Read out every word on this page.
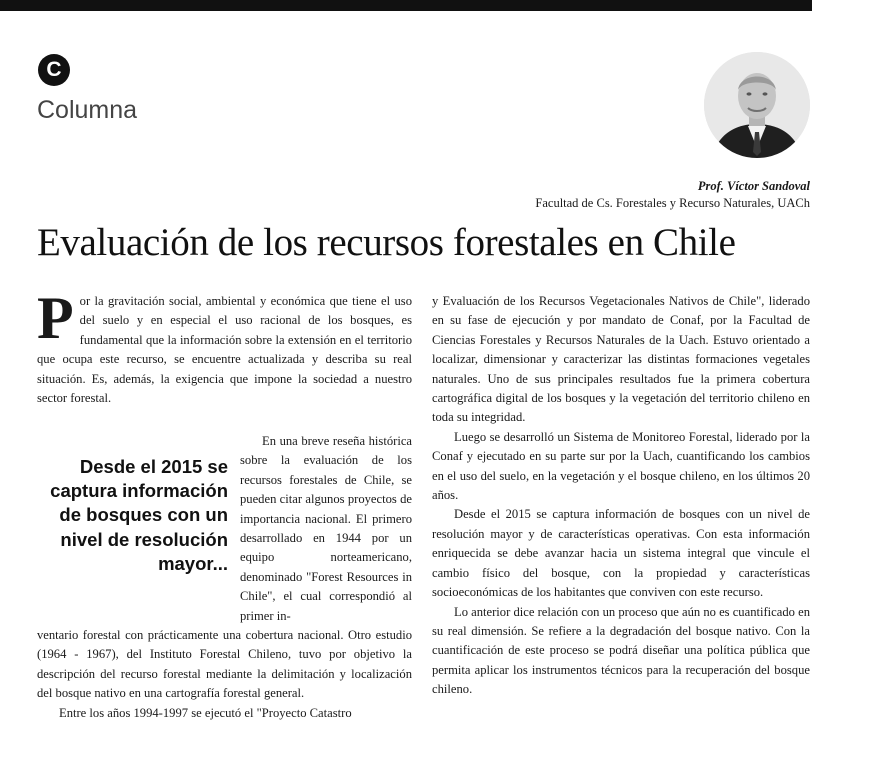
C
Columna
Prof. Víctor Sandoval
Facultad de Cs. Forestales y Recurso Naturales, UACh
Evaluación de los recursos forestales en Chile

Por la gravitación social, ambiental y económica que tiene el uso del suelo y en especial el uso racional de los bosques, es fundamental que la información sobre la extensión en el territorio que ocupa este recurso, se encuentre actualizada y describa su real situación. Es, además, la exigencia que impone la sociedad a nuestro sector forestal.

Desde el 2015 se captura información de bosques con un nivel de resolución mayor...

En una breve reseña histórica sobre la evaluación de los recursos forestales de Chile, se pueden citar algunos proyectos de importancia nacional. El primero desarrollado en 1944 por un equipo norteamericano, denominado "Forest Resources in Chile", el cual correspondió al primer in-

ventario forestal con prácticamente una cobertura nacional. Otro estudio (1964 - 1967), del Instituto Forestal Chileno, tuvo por objetivo la descripción del recurso forestal mediante la delimitación y localización del bosque nativo en una cartografía forestal general.

Entre los años 1994-1997 se ejecutó el "Proyecto Catastro

y Evaluación de los Recursos Vegetacionales Nativos de Chile", liderado en su fase de ejecución y por mandato de Conaf, por la Facultad de Ciencias Forestales y Recursos Naturales de la Uach. Estuvo orientado a localizar, dimensionar y caracterizar las distintas formaciones vegetales naturales. Uno de sus principales resultados fue la primera cobertura cartográfica digital de los bosques y la vegetación del territorio chileno en toda su integridad.

Luego se desarrolló un Sistema de Monitoreo Forestal, liderado por la Conaf y ejecutado en su parte sur por la Uach, cuantificando los cambios en el uso del suelo, en la vegetación y el bosque chileno, en los últimos 20 años.

Desde el 2015 se captura información de bosques con un nivel de resolución mayor y de características operativas. Con esta información enriquecida se debe avanzar hacia un sistema integral que vincule el cambio físico del bosque, con la propiedad y características socioeconómicas de los habitantes que conviven con este recurso.

Lo anterior dice relación con un proceso que aún no es cuantificado en su real dimensión. Se refiere a la degradación del bosque nativo. Con la cuantificación de este proceso se podrá diseñar una política pública que permita aplicar los instrumentos técnicos para la recuperación del bosque chileno.
